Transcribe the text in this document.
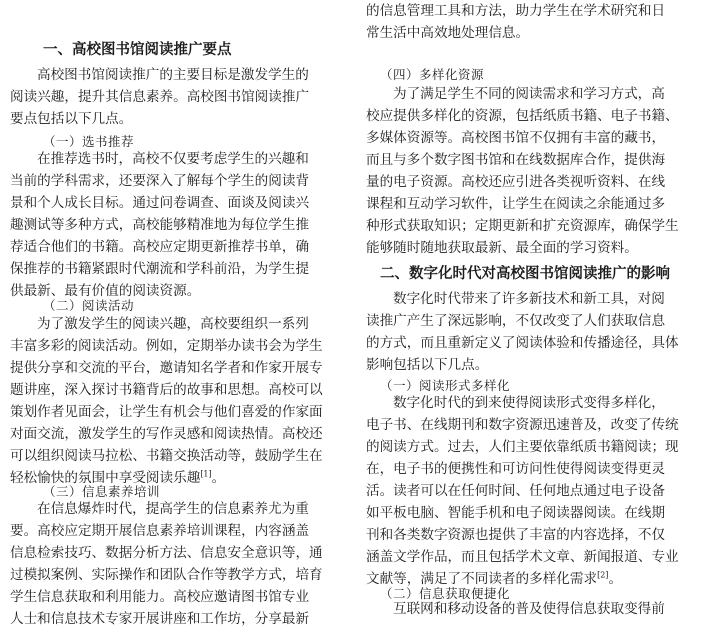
一、高校图书馆阅读推广要点
高校图书馆阅读推广的主要目标是激发学生的
阅读兴趣，提升其信息素养。高校图书馆阅读推广
要点包括以下几点。
（一）选书推荐
在推荐选书时，高校不仅要考虑学生的兴趣和
当前的学科需求，还要深入了解每个学生的阅读背
景和个人成长目标。通过问卷调查、面谈及阅读兴
趣测试等多种方式，高校能够精准地为每位学生推
荐适合他们的书籍。高校应定期更新推荐书单，确
保推荐的书籍紧跟时代潮流和学科前沿，为学生提
供最新、最有价值的阅读资源。
（二）阅读活动
为了激发学生的阅读兴趣，高校要组织一系列
丰富多彩的阅读活动。例如，定期举办读书会为学生
提供分享和交流的平台，邀请知名学者和作家开展专
题讲座，深入探讨书籍背后的故事和思想。高校可以
策划作者见面会，让学生有机会与他们喜爱的作家面
对面交流，激发学生的写作灵感和阅读热情。高校还
可以组织阅读马拉松、书籍交换活动等，鼓励学生在
轻松愉快的氛围中享受阅读乐趣[1]。
（三）信息素养培训
在信息爆炸时代，提高学生的信息素养尤为重
要。高校应定期开展信息素养培训课程，内容涵盖
信息检索技巧、数据分析方法、信息安全意识等，通
过模拟案例、实际操作和团队合作等教学方式，培育
学生信息获取和利用能力。高校应邀请图书馆专业
人士和信息技术专家开展讲座和工作坊，分享最新
的信息管理工具和方法，助力学生在学术研究和日
常生活中高效地处理信息。
（四）多样化资源
为了满足学生不同的阅读需求和学习方式，高
校应提供多样化的资源，包括纸质书籍、电子书籍、
多媒体资源等。高校图书馆不仅拥有丰富的藏书，
而且与多个数字图书馆和在线数据库合作，提供海
量的电子资源。高校还应引进各类视听资料、在线
课程和互动学习软件，让学生在阅读之余能通过多
种形式获取知识；定期更新和扩充资源库，确保学生
能够随时随地获取最新、最全面的学习资料。
二、数字化时代对高校图书馆阅读推广的影响
数字化时代带来了许多新技术和新工具，对阅
读推广产生了深远影响，不仅改变了人们获取信息
的方式，而且重新定义了阅读体验和传播途径，具体
影响包括以下几点。
（一）阅读形式多样化
数字化时代的到来使得阅读形式变得多样化，
电子书、在线期刊和数字资源迅速普及，改变了传统
的阅读方式。过去，人们主要依靠纸质书籍阅读；现
在，电子书的便携性和可访问性使得阅读变得更灵
活。读者可以在任何时间、任何地点通过电子设备
如平板电脑、智能手机和电子阅读器阅读。在线期
刊和各类数字资源也提供了丰富的内容选择，不仅
涵盖文学作品，而且包括学术文章、新闻报道、专业
文献等，满足了不同读者的多样化需求[2]。
（二）信息获取便捷化
互联网和移动设备的普及使得信息获取变得前
